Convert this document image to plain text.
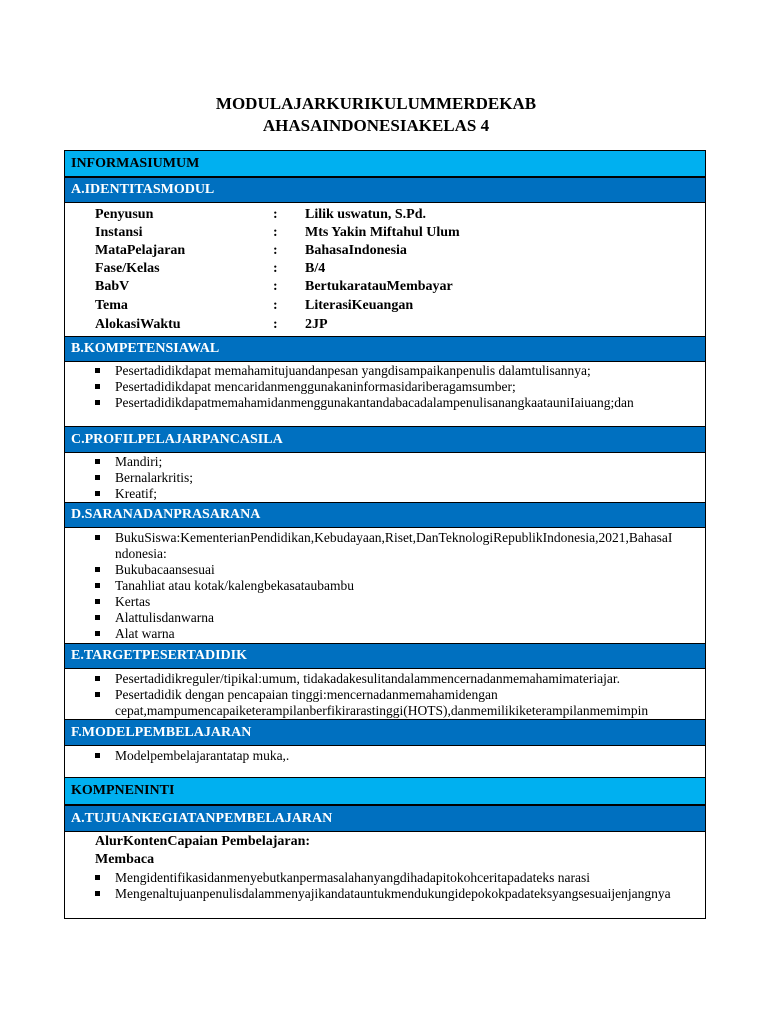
MODULAJARKURIKULUMMERDEKAB
AHASAINDONESIAKELAS 4
INFORMASIUMUM
A.IDENTITASMODUL
Penyusun	: Lilik uswatun, S.Pd.
Instansi	: Mts Yakin Miftahul Ulum
MataPelajaran	: BahasaIndonesia
Fase/Kelas	: B/4
BabV	: BertukaratauMembayar
Tema	: LiterasiKeuangan
AlokasiWaktu	: 2JP
B.KOMPETENSIAWAL
Pesertadidikdapat memahamitujuandanpesan yangdisampaikanpenulis dalamtulisannya;
Pesertadidikdapat mencaridanmenggunakaninformasidariberagamsumber;
PesertadidikdapatmemahamidanmenggunakantandabacadalampenulisanangkaatauniIaiuang;dan
C.PROFILPELAJARPANCASILA
Mandiri;
Bernalarkritis;
Kreatif;
D.SARANADANPRASARANA
BukuSiswa:KementerianPendidikan,Kebudayaan,Riset,DanTeknologiRepublikIndonesia,2021,BahasaI ndonesia:
Bukubacaansesuai
Tanahliat atau kotak/kalengbekasataubambu
Kertas
Alattulisdanwarna
Alat warna
E.TARGETPESERTADIDIK
Pesertadidikreguler/tipikal:umum, tidakadakesulitandalammencernadanmemahamimateriajar.
Pesertadidik dengan pencapaian tinggi:mencernadanmemahamidengan cepat,mampumencapaiketerampilanberfikirarastinggi(HOTS),danmemilikiketerampilanmemimpin
F.MODELPEMBELAJARAN
Modelpembelajarantatap muka,.
KOMPNENINTI
A.TUJUANKEGIATANPEMBELAJARAN
AlurKontenCapaian Pembelajaran:
Membaca
Mengidentifikasidanmenyebutkanpermasalahanyangdihadapitokohceritapadateks narasi
Mengenaltujuanpenulisdalammenyajikandatauntukmendukungidepokokpadateksyangsesuaijenjangnya
